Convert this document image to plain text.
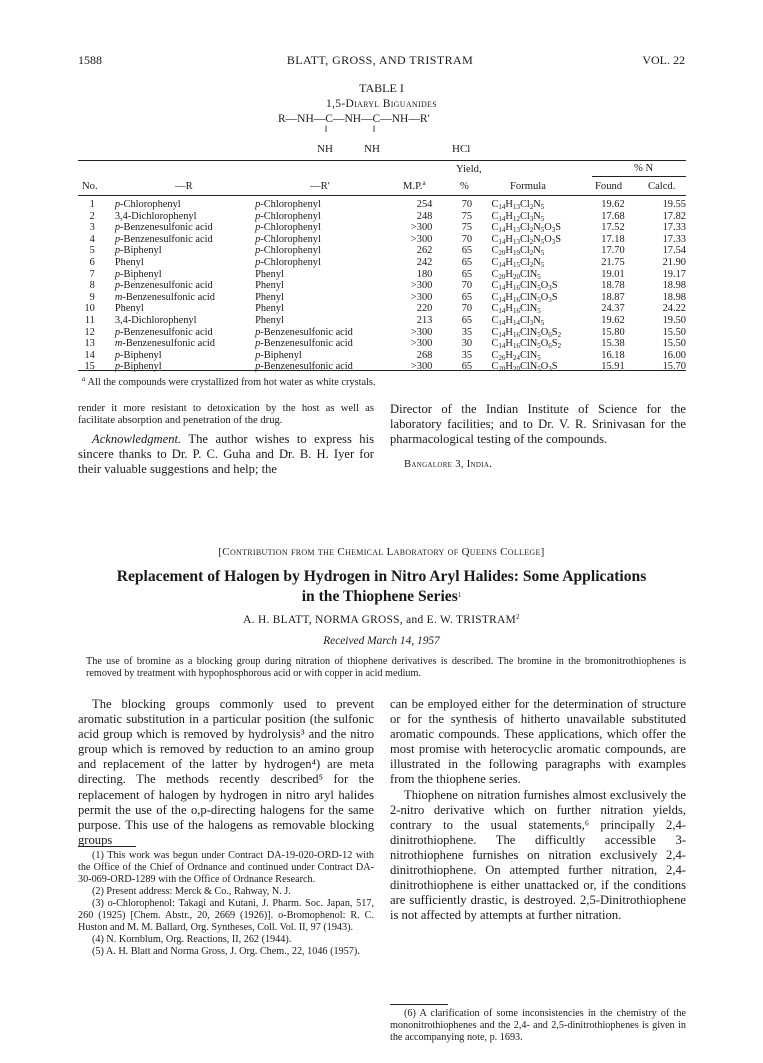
1588	BLATT, GROSS, AND TRISTRAM	VOL. 22
TABLE I
1,5-Diaryl Biguanides
R—NH—C—NH—C—NH—R′
‖	‖
NH	NH	HCl
Yield,	% N
No.	—R	—R′	M.P.$^a$	%	Formula	Found Calcd.
1	p-Chlorophenyl	p-Chlorophenyl	254	70	$C_{14}H_{13}Cl_2N_5$	19.62	19.55
2	3,4-Dichlorophenyl	p-Chlorophenyl	248	75	$C_{14}H_{12}Cl_3N_5$	17.68	17.82
3	p-Benzenesulfonic acid	p-Chlorophenyl	>300	75	$C_{14}H_{13}Cl_2N_5O_3S$	17.52	17.33
4	p-Benzenesulfonic acid	p-Chlorophenyl	>300	70	$C_{14}H_{13}Cl_2N_5O_3S$	17.18	17.33
5	p-Biphenyl	p-Chlorophenyl	262	65	$C_{20}H_{19}Cl_2N_5$	17.70	17.54
6	Phenyl	p-Chlorophenyl	242	65	$C_{14}H_{15}Cl_2N_5$	21.75	21.90
7	p-Biphenyl	Phenyl	180	65	$C_{20}H_{20}ClN_5$	19.01	19.17
8	p-Benzenesulfonic acid	Phenyl	>300	70	$C_{14}H_{16}ClN_5O_3S$	18.78	18.98
9	m-Benzenesulfonic acid	Phenyl	>300	65	$C_{14}H_{16}ClN_5O_3S$	18.87	18.98
10	Phenyl	Phenyl	220	70	$C_{14}H_{16}ClN_5$	24.37	24.22
11	3,4-Dichlorophenyl	Phenyl	213	65	$C_{14}H_{14}Cl_3N_5$	19.62	19.50
12	p-Benzenesulfonic acid	p-Benzenesulfonic acid	>300	35	$C_{14}H_{16}ClN_5O_6S_2$	15.80	15.50
13	m-Benzenesulfonic acid	p-Benzenesulfonic acid	>300	30	$C_{14}H_{16}ClN_5O_6S_2$	15.38	15.50
14	p-Biphenyl	p-Biphenyl	268	35	$C_{26}H_{24}ClN_5$	16.18	16.00
15	p-Biphenyl	p-Benzenesulfonic acid	>300	65	$C_{20}H_{20}ClN_5O_3S$	15.91	15.70
$^a$ All the compounds were crystallized from hot water as white crystals.

render it more resistant to detoxication by the host as well as facilitate absorption and penetration of the drug.

Acknowledgment. The author wishes to express his sincere thanks to Dr. P. C. Guha and Dr. B. H. Iyer for their valuable suggestions and help; the

Director of the Indian Institute of Science for the laboratory facilities; and to Dr. V. R. Srinivasan for the pharmacological testing of the compounds.

Bangalore 3, India.

[Contribution from the Chemical Laboratory of Queens College]
Replacement of Halogen by Hydrogen in Nitro Aryl Halides: Some Applications
in the Thiophene Series$^1$
A. H. BLATT, NORMA GROSS, and E. W. TRISTRAM$^2$
Received March 14, 1957

The use of bromine as a blocking group during nitration of thiophene derivatives is described. The bromine in the bromonitrothiophenes is removed by treatment with hypophosphorous acid or with copper in acid medium.

The blocking groups commonly used to prevent aromatic substitution in a particular position (the sulfonic acid group which is removed by hydrolysis³ and the nitro group which is removed by reduction to an amino group and replacement of the latter by hydrogen⁴) are meta directing. The methods recently described⁵ for the replacement of halogen by hydrogen in nitro aryl halides permit the use of the o,p-directing halogens for the same purpose. This use of the halogens as removable blocking groups

(1) This work was begun under Contract DA-19-020-ORD-12 with the Office of the Chief of Ordnance and continued under Contract DA-30-069-ORD-1289 with the Office of Ordnance Research.

(2) Present address: Merck & Co., Rahway, N. J.

(3) o-Chlorophenol: Takagi and Kutani, J. Pharm. Soc. Japan, 517, 260 (1925) [Chem. Abstr., 20, 2669 (1926)]. o-Bromophenol: R. C. Huston and M. M. Ballard, Org. Syntheses, Coll. Vol. II, 97 (1943).

(4) N. Kornblum, Org. Reactions, II, 262 (1944).

(5) A. H. Blatt and Norma Gross, J. Org. Chem., 22, 1046 (1957).

can be employed either for the determination of structure or for the synthesis of hitherto unavailable substituted aromatic compounds. These applications, which offer the most promise with heterocyclic aromatic compounds, are illustrated in the following paragraphs with examples from the thiophene series.

Thiophene on nitration furnishes almost exclusively the 2-nitro derivative which on further nitration yields, contrary to the usual statements,⁶ principally 2,4-dinitrothiophene. The difficultly accessible 3-nitrothiophene furnishes on nitration exclusively 2,4-dinitrothiophene. On attempted further nitration, 2,4-dinitrothiophene is either unattacked or, if the conditions are sufficiently drastic, is destroyed. 2,5-Dinitrothiophene is not affected by attempts at further nitration.

(6) A clarification of some inconsistencies in the chemistry of the mononitrothiophenes and the 2,4- and 2,5-dinitrothiophenes is given in the accompanying note, p. 1693.
